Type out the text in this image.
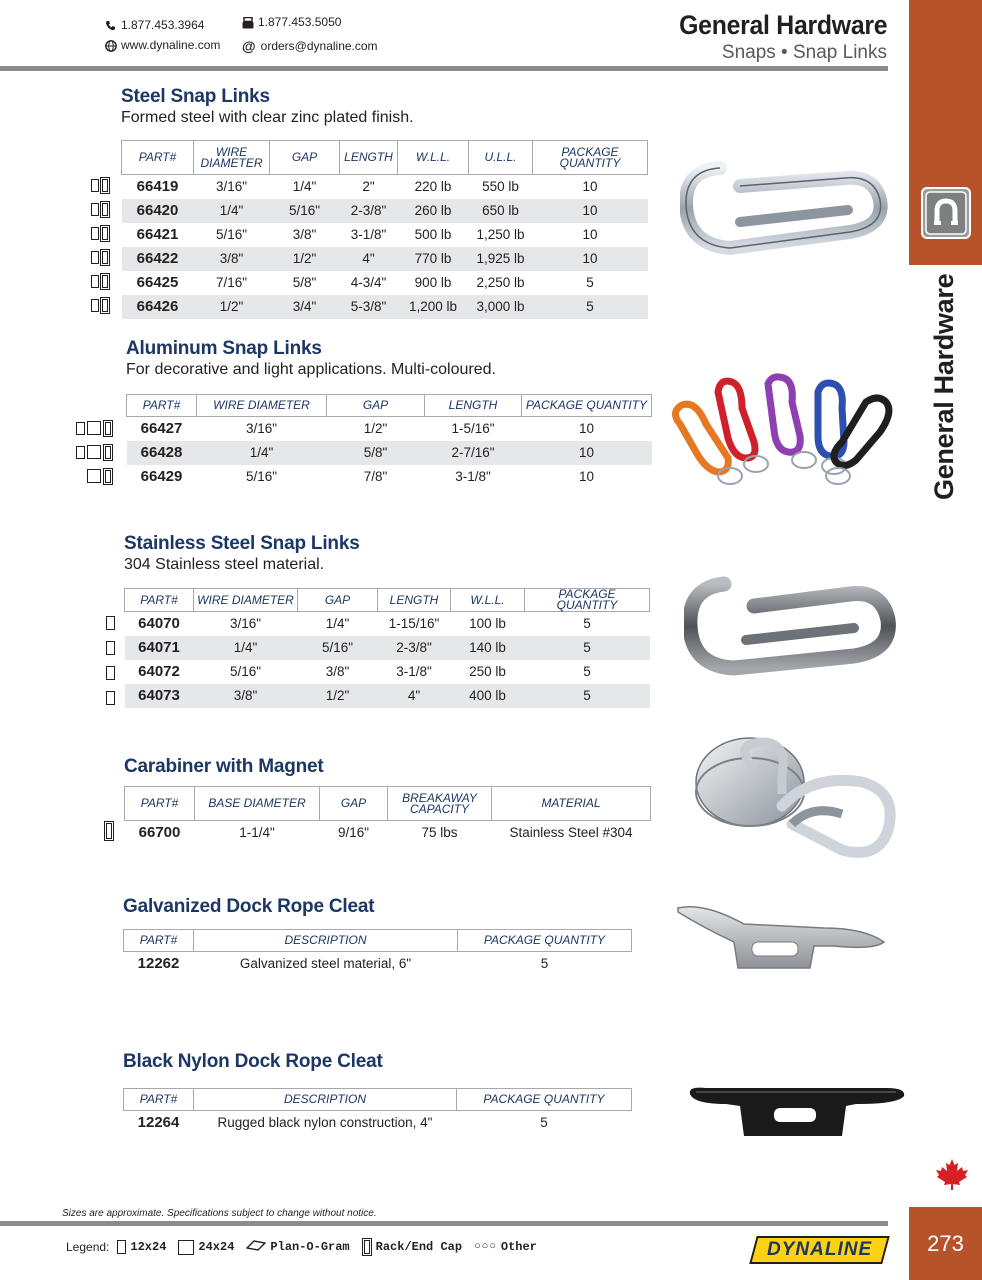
1.877.453.3964	1.877.453.5050
www.dynaline.com @ orders@dynaline.com
General Hardware
Snaps • Snap Links
General Hardware
273
Steel Snap Links
Formed steel with clear zinc plated finish.
PART#	WIRE DIAMETER	GAP	LENGTH	W.L.L.	U.L.L.	PACKAGE QUANTITY
66419	3/16"	1/4"	2"	220 lb	550 lb	10
66420	1/4"	5/16"	2-3/8"	260 lb	650 lb	10
66421	5/16"	3/8"	3-1/8"	500 lb	1,250 lb	10
66422	3/8"	1/2"	4"	770 lb	1,925 lb	10
66425	7/16"	5/8"	4-3/4"	900 lb	2,250 lb	5
66426	1/2"	3/4"	5-3/8"	1,200 lb	3,000 lb	5
Aluminum Snap Links
For decorative and light applications. Multi-coloured.
PART#	WIRE DIAMETER	GAP	LENGTH	PACKAGE QUANTITY
66427	3/16"	1/2"	1-5/16"	10
66428	1/4"	5/8"	2-7/16"	10
66429	5/16"	7/8"	3-1/8"	10
Stainless Steel Snap Links
304 Stainless steel material.
PART#	WIRE DIAMETER	GAP	LENGTH	W.L.L.	PACKAGE QUANTITY
64070	3/16"	1/4"	1-15/16"	100 lb	5
64071	1/4"	5/16"	2-3/8"	140 lb	5
64072	5/16"	3/8"	3-1/8"	250 lb	5
64073	3/8"	1/2"	4"	400 lb	5
Carabiner with Magnet
PART#	BASE DIAMETER	GAP	BREAKAWAY CAPACITY	MATERIAL
66700	1-1/4"	9/16"	75 lbs	Stainless Steel #304
Galvanized Dock Rope Cleat
PART#	DESCRIPTION	PACKAGE QUANTITY
12262	Galvanized steel material, 6"	5
Black Nylon Dock Rope Cleat
PART#	DESCRIPTION	PACKAGE QUANTITY
12264	Rugged black nylon construction, 4"	5
Sizes are approximate. Specifications subject to change without notice.
Legend: 12x24	24x24	Plan-O-Gram Rack/End Cap ○○○ Other	DYNALINE
